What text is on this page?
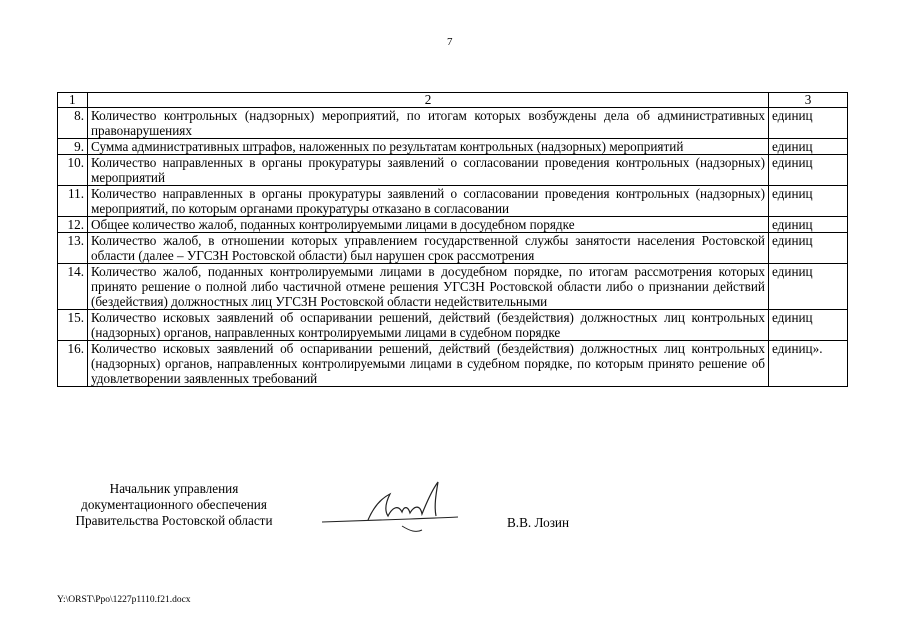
7
1	2	3
8.	Количество контрольных (надзорных) мероприятий, по итогам которых возбуждены дела об административных правонарушениях	единиц
9.	Сумма административных штрафов, наложенных по результатам контрольных (надзорных) мероприятий	единиц
10.	Количество направленных в органы прокуратуры заявлений о согласовании проведения контрольных (надзорных) мероприятий	единиц
11.	Количество направленных в органы прокуратуры заявлений о согласовании проведения контрольных (надзорных) мероприятий, по которым органами прокуратуры отказано в согласовании	единиц
12.	Общее количество жалоб, поданных контролируемыми лицами в досудебном порядке	единиц
13.	Количество жалоб, в отношении которых управлением государственной службы занятости населения Ростовской области (далее – УГСЗН Ростовской области) был нарушен срок рассмотрения	единиц
14.	Количество жалоб, поданных контролируемыми лицами в досудебном порядке, по итогам рассмотрения которых принято решение о полной либо частичной отмене решения УГСЗН Ростовской области либо о признании действий (бездействия) должностных лиц УГСЗН Ростовской области недействительными	единиц
15.	Количество исковых заявлений об оспаривании решений, действий (бездействия) должностных лиц контрольных (надзорных) органов, направленных контролируемыми лицами в судебном порядке	единиц
16.	Количество исковых заявлений об оспаривании решений, действий (бездействия) должностных лиц контрольных (надзорных) органов, направленных контролируемыми лицами в судебном порядке, по которым принято решение об удовлетворении заявленных требований	единиц».
Начальник управления
документационного обеспечения
Правительства Ростовской области	В.В. Лозин
Y:\ORST\Ppo\1227p1110.f21.docx
